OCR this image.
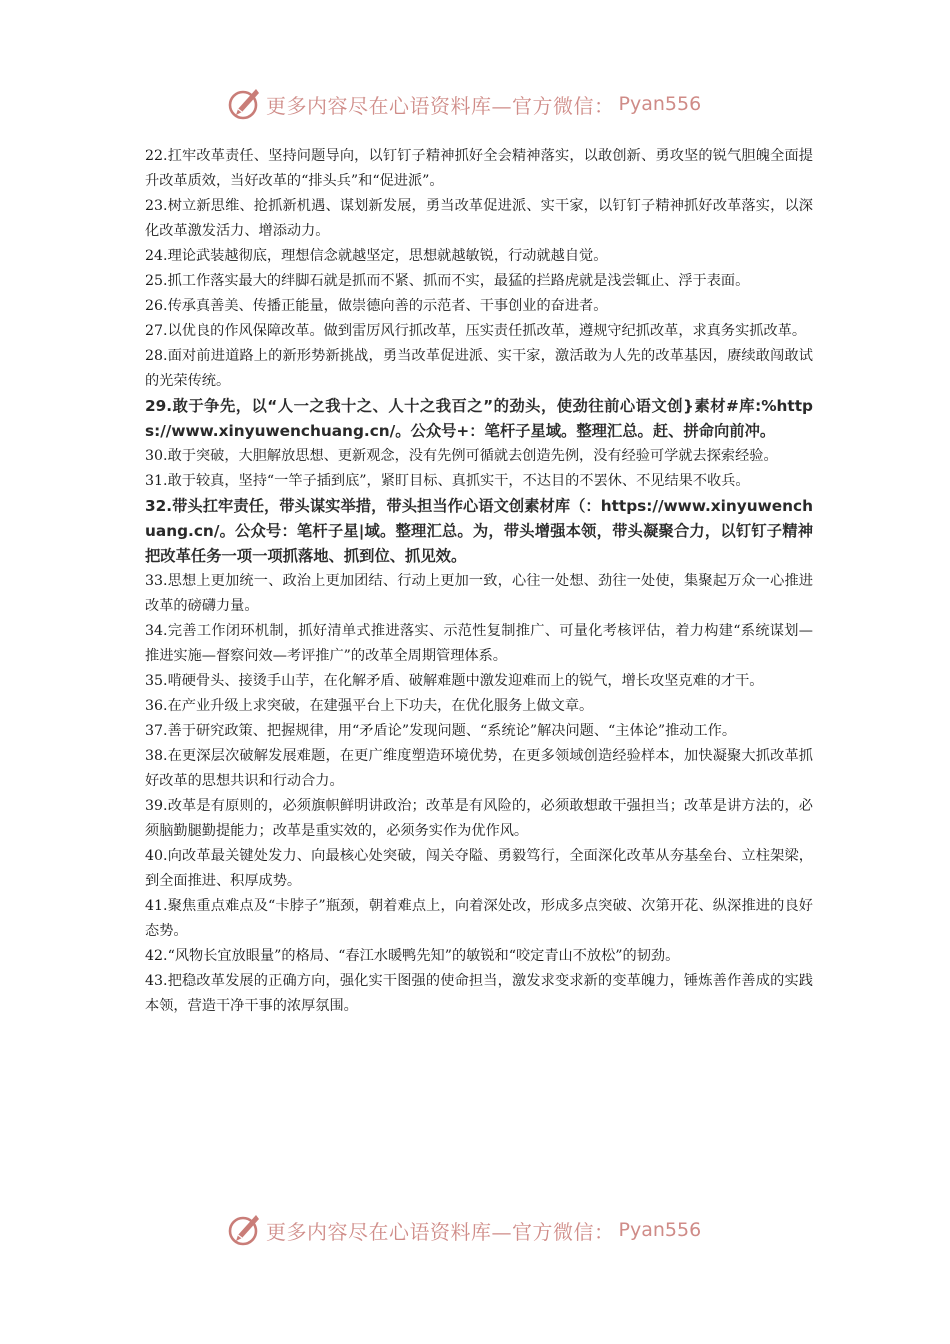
更多内容尽在心语资料库—官方微信： Pyan556

22.扛牢改革责任、坚持问题导向，以钉钉子精神抓好全会精神落实，以敢创新、勇攻坚的锐气胆魄全面提升改革质效，当好改革的“排头兵”和“促进派”。

23.树立新思维、抢抓新机遇、谋划新发展，勇当改革促进派、实干家，以钉钉子精神抓好改革落实，以深化改革激发活力、增添动力。

24.理论武装越彻底，理想信念就越坚定，思想就越敏锐，行动就越自觉。

25.抓工作落实最大的绊脚石就是抓而不紧、抓而不实，最猛的拦路虎就是浅尝辄止、浮于表面。

26.传承真善美、传播正能量，做崇德向善的示范者、干事创业的奋进者。

27.以优良的作风保障改革。做到雷厉风行抓改革，压实责任抓改革，遵规守纪抓改革，求真务实抓改革。

28.面对前进道路上的新形势新挑战，勇当改革促进派、实干家，激活敢为人先的改革基因，赓续敢闯敢试的光荣传统。

29.敢于争先，以“人一之我十之、人十之我百之”的劲头，使劲往前心语文创}素材#库:%https://www.xinyuwenchuang.cn/。公众号+：笔杆子星域。整理汇总。赶、拼命向前冲。

30.敢于突破，大胆解放思想、更新观念，没有先例可循就去创造先例，没有经验可学就去探索经验。

31.敢于较真，坚持“一竿子插到底”，紧盯目标、真抓实干，不达目的不罢休、不见结果不收兵。

32.带头扛牢责任，带头谋实举措，带头担当作心语文创素材库（：https://www.xinyuwenchuang.cn/。公众号：笔杆子星|域。整理汇总。为，带头增强本领，带头凝聚合力，以钉钉子精神把改革任务一项一项抓落地、抓到位、抓见效。

33.思想上更加统一、政治上更加团结、行动上更加一致，心往一处想、劲往一处使，集聚起万众一心推进改革的磅礴力量。

34.完善工作闭环机制，抓好清单式推进落实、示范性复制推广、可量化考核评估，着力构建“系统谋划—推进实施—督察问效—考评推广”的改革全周期管理体系。

35.啃硬骨头、接烫手山芋，在化解矛盾、破解难题中激发迎难而上的锐气，增长攻坚克难的才干。

36.在产业升级上求突破，在建强平台上下功夫，在优化服务上做文章。

37.善于研究政策、把握规律，用“矛盾论”发现问题、“系统论”解决问题、“主体论”推动工作。

38.在更深层次破解发展难题，在更广维度塑造环境优势，在更多领域创造经验样本，加快凝聚大抓改革抓好改革的思想共识和行动合力。

39.改革是有原则的，必须旗帜鲜明讲政治；改革是有风险的，必须敢想敢干强担当；改革是讲方法的，必须脑勤腿勤提能力；改革是重实效的，必须务实作为优作风。

40.向改革最关键处发力、向最核心处突破，闯关夺隘、勇毅笃行，全面深化改革从夯基垒台、立柱架梁，到全面推进、积厚成势。

41.聚焦重点难点及“卡脖子”瓶颈，朝着难点上，向着深处改，形成多点突破、次第开花、纵深推进的良好态势。

42.“风物长宜放眼量”的格局、“春江水暖鸭先知”的敏锐和“咬定青山不放松”的韧劲。

43.把稳改革发展的正确方向，强化实干图强的使命担当，激发求变求新的变革魄力，锤炼善作善成的实践本领，营造干净干事的浓厚氛围。

更多内容尽在心语资料库—官方微信： Pyan556
